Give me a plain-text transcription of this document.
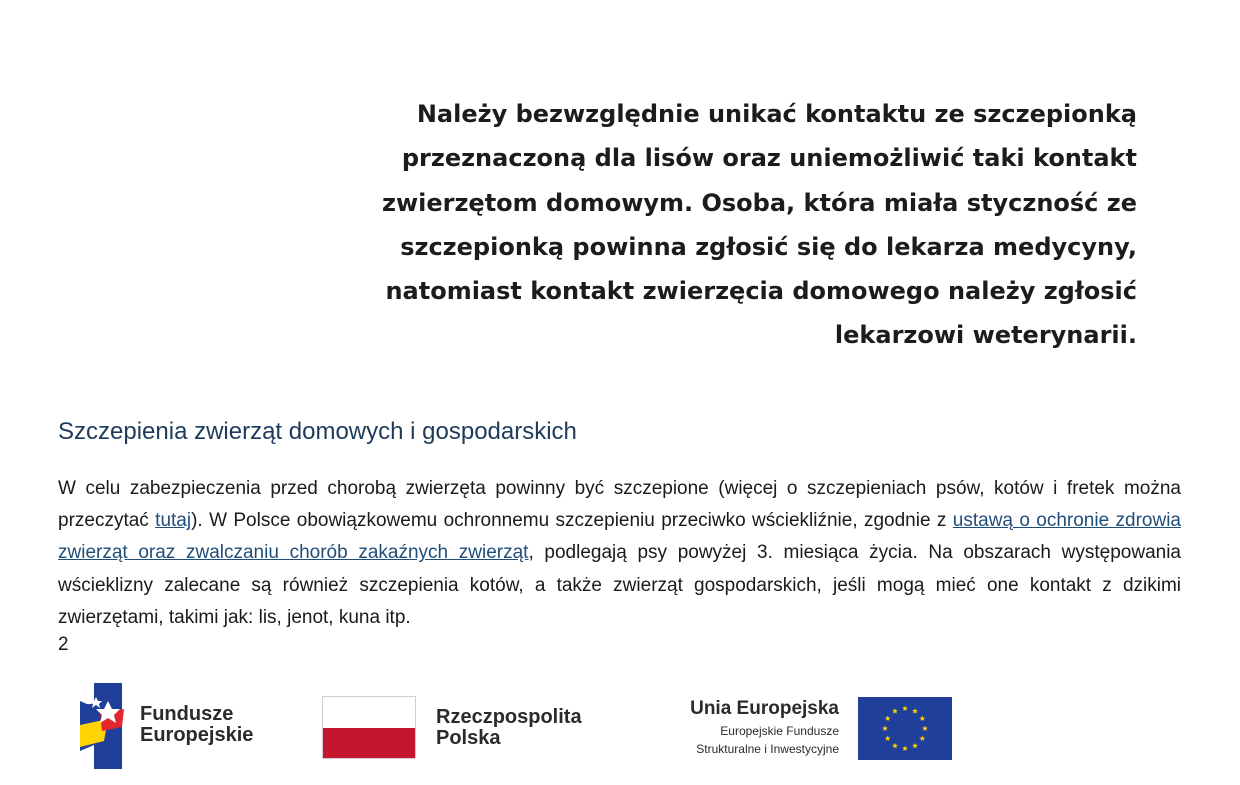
Należy bezwzględnie unikać kontaktu ze szczepionką
przeznaczoną dla lisów oraz uniemożliwić taki kontakt
zwierzętom domowym. Osoba, która miała styczność ze
szczepionką powinna zgłosić się do lekarza medycyny,
natomiast kontakt zwierzęcia domowego należy zgłosić
lekarzowi weterynarii.
Szczepienia zwierząt domowych i gospodarskich

W celu zabezpieczenia przed chorobą zwierzęta powinny być szczepione (więcej o szczepieniach psów, kotów i fretek można przeczytać tutaj). W Polsce obowiązkowemu ochronnemu szczepieniu przeciwko wściekliźnie, zgodnie z ustawą o ochronie zdrowia zwierząt oraz zwalczaniu chorób zakaźnych zwierząt, podlegają psy powyżej 3. miesiąca życia. Na obszarach występowania wścieklizny zalecane są również szczepienia kotów, a także zwierząt gospodarskich, jeśli mogą mieć one kontakt z dzikimi zwierzętami, takimi jak: lis, jenot, kuna itp.

2
Fundusze
Europejskie
Rzeczpospolita
Polska
Unia Europejska
Europejskie Fundusze
Strukturalne i Inwestycyjne
